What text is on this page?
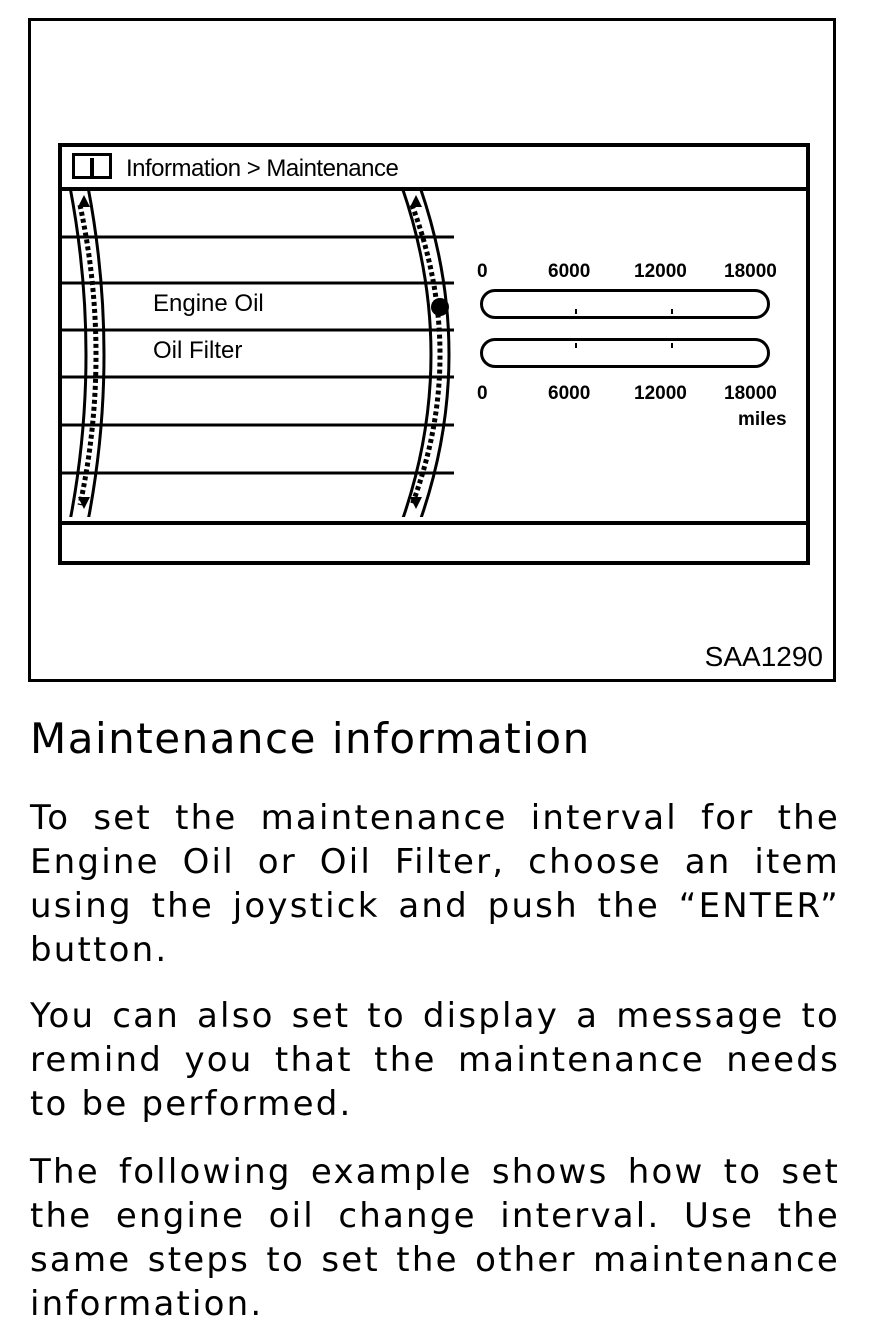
Information > Maintenance
Engine Oil
Oil Filter
0	6000 12000 18000
0	6000 12000 18000
miles
SAA1290
Maintenance information

To set the maintenance interval for the Engine Oil or Oil Filter, choose an item using the joystick and push the “ENTER” button.

You can also set to display a message to remind you that the maintenance needs to be performed.

The following example shows how to set the engine oil change interval. Use the same steps to set the other maintenance information.
